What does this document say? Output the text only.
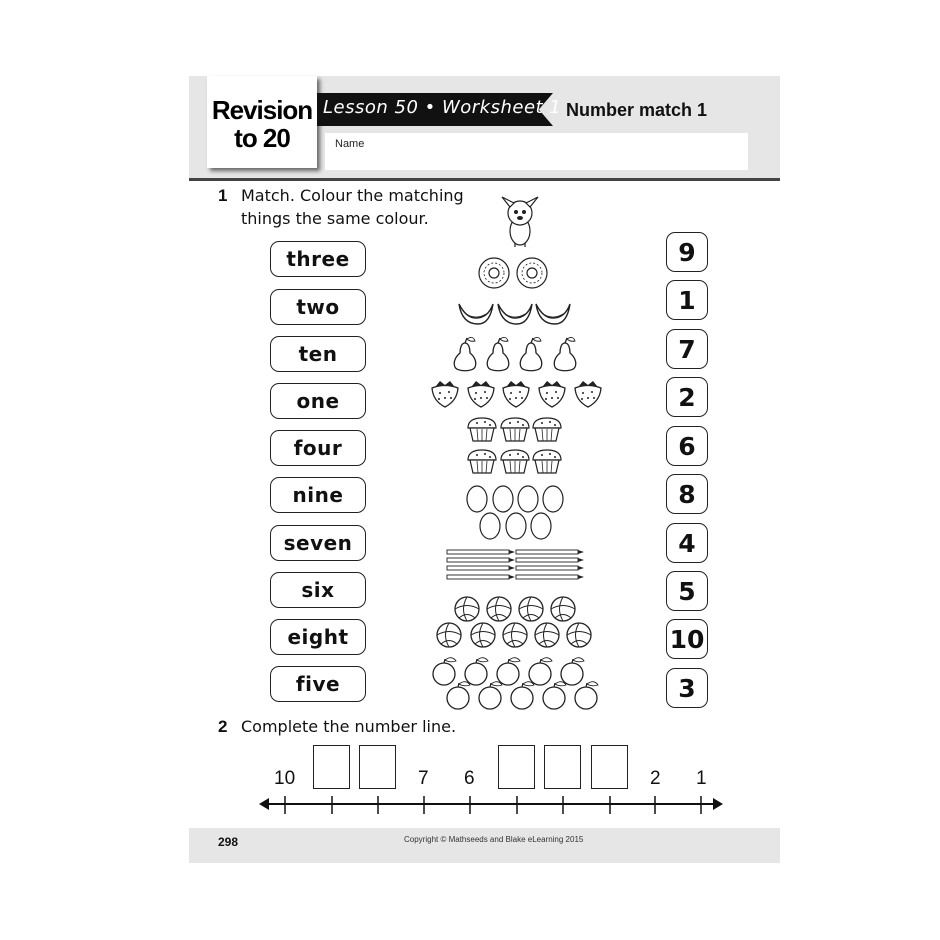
Revision
to 20
Lesson 50 • Worksheet 1 Number match 1
Name
1 Match. Colour the matching
things the same colour.
three
two
ten
one
four
nine
seven
six
eight
five
9
1
7
2
6
8
4
5
10
3
2 Complete the number line.
10	7 6	2 1
298	Copyright © Mathseeds and Blake eLearning 2015
